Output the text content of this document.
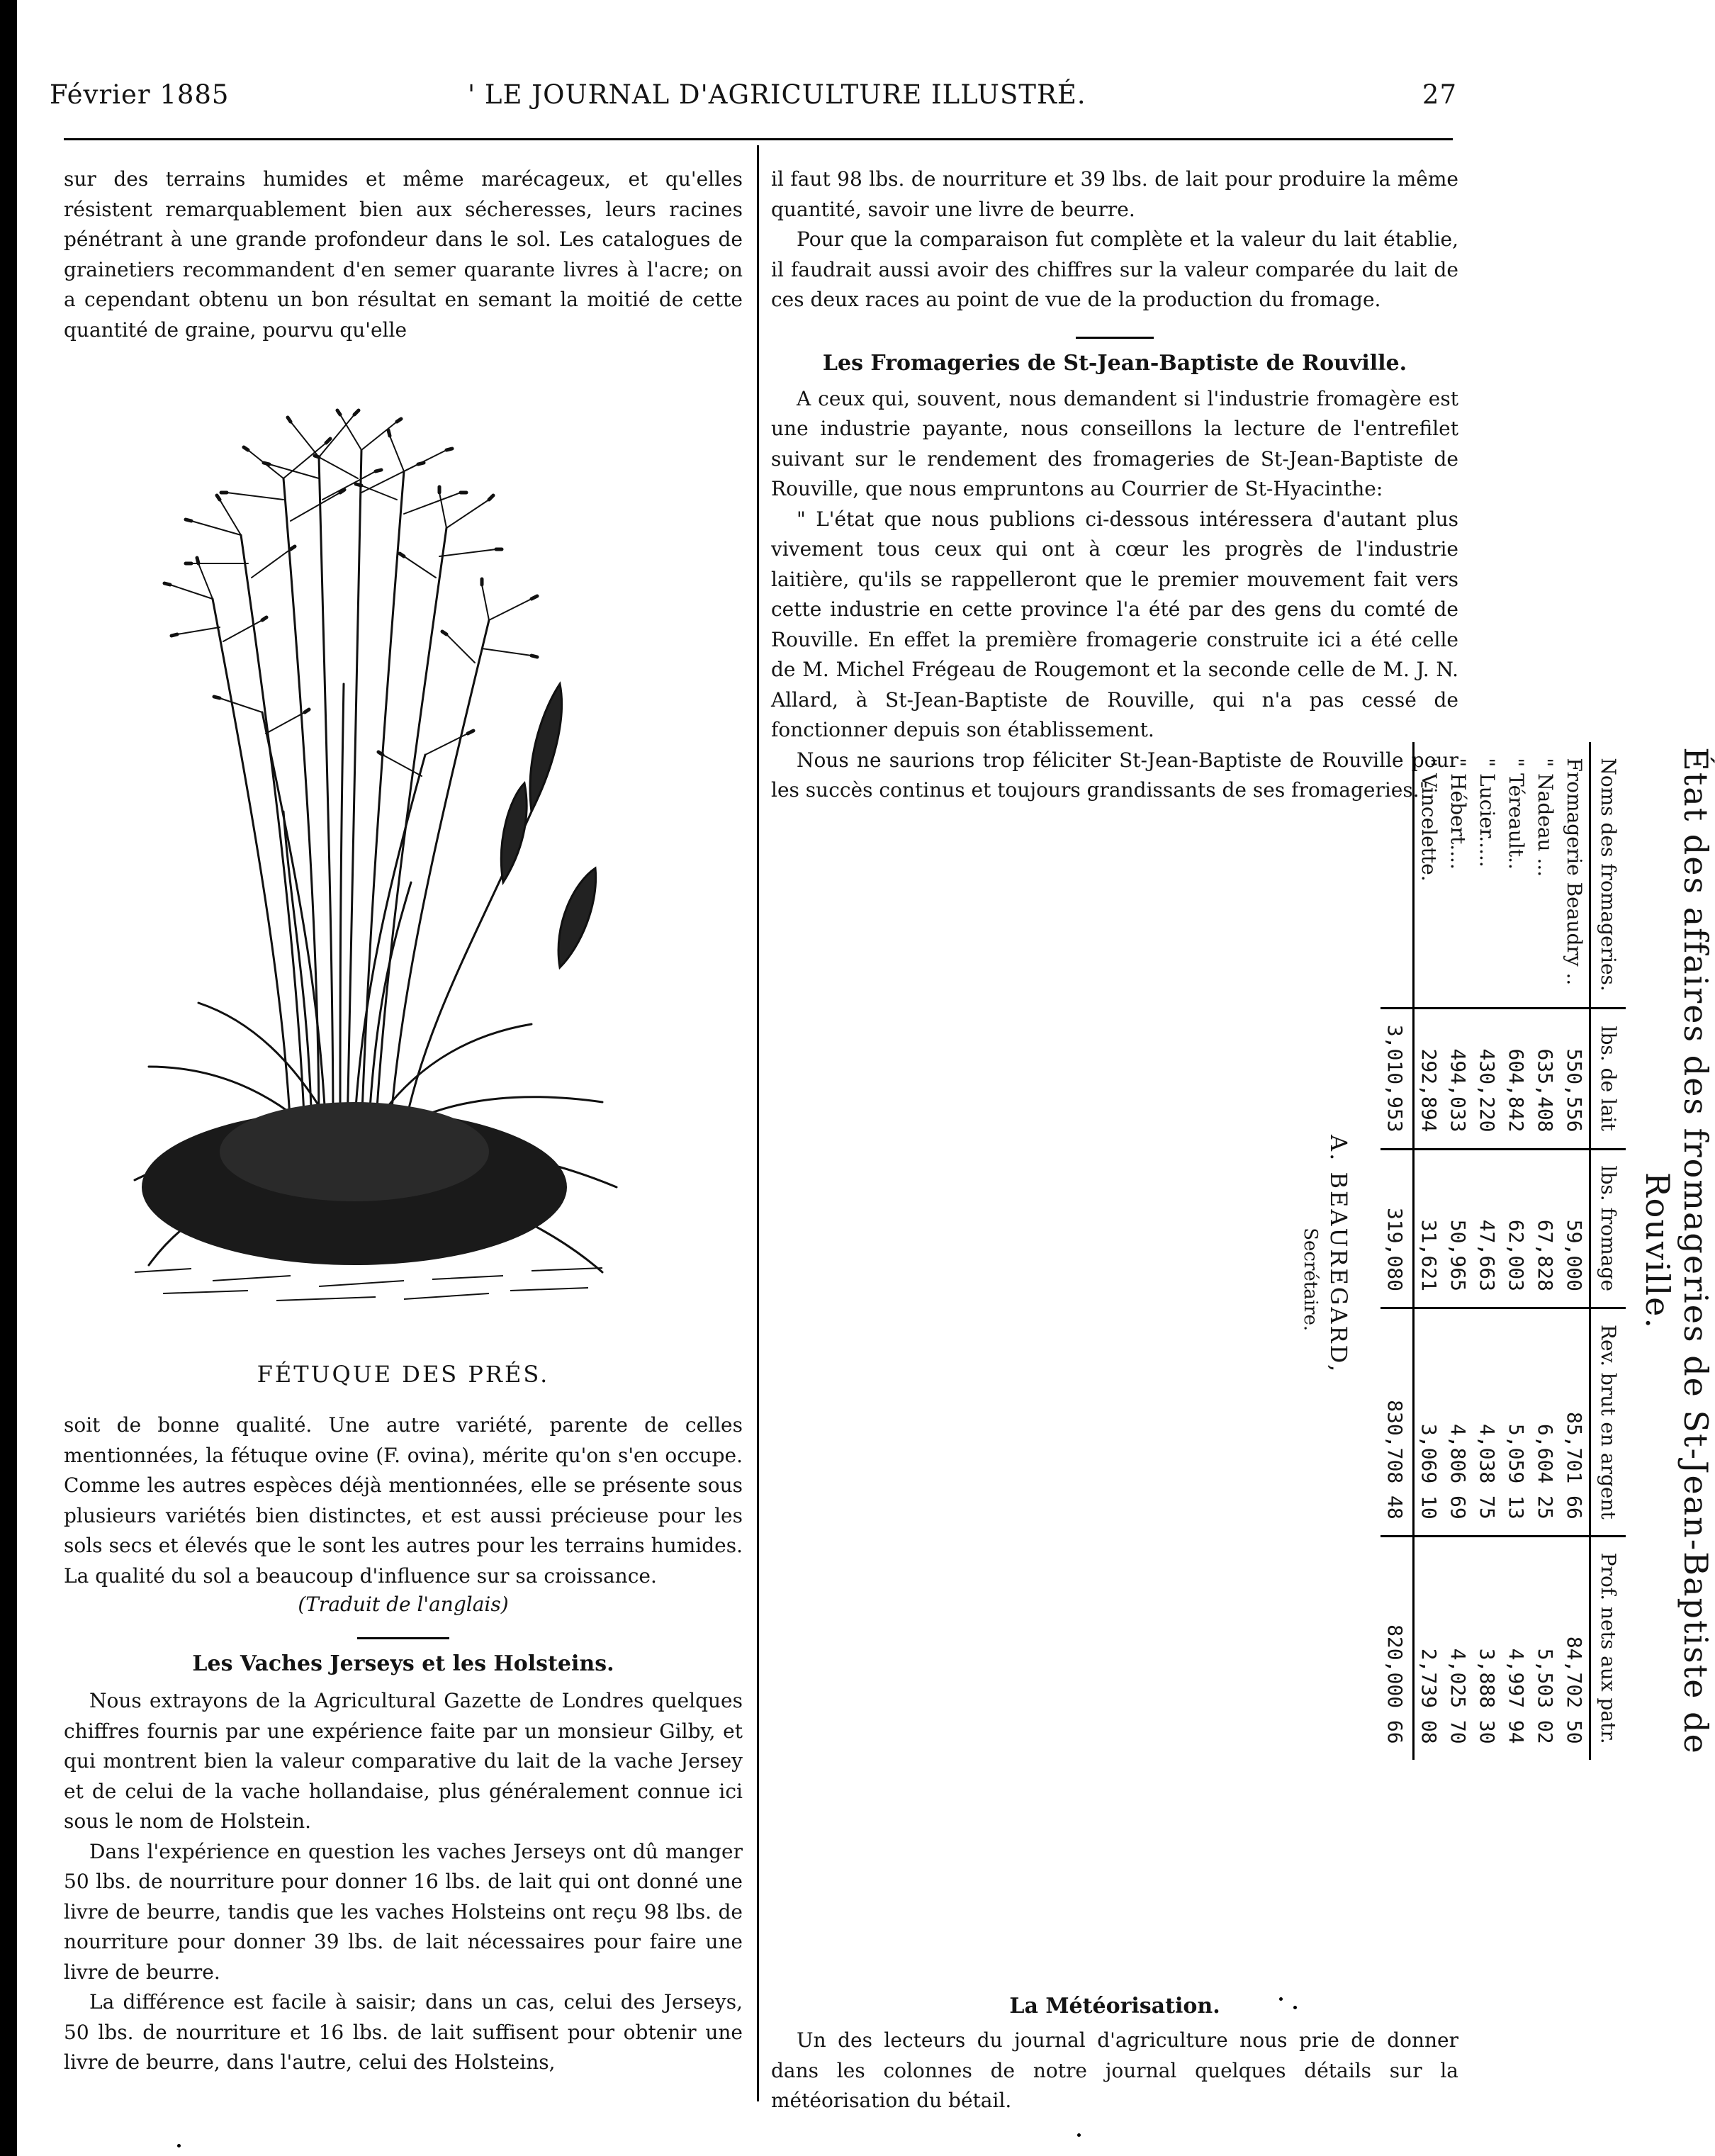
Février 1885	' LE JOURNAL D'AGRICULTURE ILLUSTRÉ.	27

sur des terrains humides et même marécageux, et qu'elles résistent remarquablement bien aux sécheresses, leurs racines pénétrant à une grande profondeur dans le sol. Les catalogues de grainetiers recommandent d'en semer quarante livres à l'acre; on a cependant obtenu un bon résultat en semant la moitié de cette quantité de graine, pourvu qu'elle

FÉTUQUE DES PRÉS.

soit de bonne qualité. Une autre variété, parente de celles mentionnées, la fétuque ovine (F. ovina), mérite qu'on s'en occupe. Comme les autres espèces déjà mentionnées, elle se présente sous plusieurs variétés bien distinctes, et est aussi précieuse pour les sols secs et élevés que le sont les autres pour les terrains humides. La qualité du sol a beaucoup d'influence sur sa croissance.

(Traduit de l'anglais)
Les Vaches Jerseys et les Holsteins.

Nous extrayons de la Agricultural Gazette de Londres quelques chiffres fournis par une expérience faite par un monsieur Gilby, et qui montrent bien la valeur comparative du lait de la vache Jersey et de celui de la vache hollandaise, plus généralement connue ici sous le nom de Holstein.

Dans l'expérience en question les vaches Jerseys ont dû manger 50 lbs. de nourriture pour donner 16 lbs. de lait qui ont donné une livre de beurre, tandis que les vaches Holsteins ont reçu 98 lbs. de nourriture pour donner 39 lbs. de lait nécessaires pour faire une livre de beurre.

La différence est facile à saisir; dans un cas, celui des Jerseys, 50 lbs. de nourriture et 16 lbs. de lait suffisent pour obtenir une livre de beurre, dans l'autre, celui des Holsteins,

il faut 98 lbs. de nourriture et 39 lbs. de lait pour produire la même quantité, savoir une livre de beurre.

Pour que la comparaison fut complète et la valeur du lait établie, il faudrait aussi avoir des chiffres sur la valeur comparée du lait de ces deux races au point de vue de la production du fromage.

Les Fromageries de St-Jean-Baptiste de Rouville.

A ceux qui, souvent, nous demandent si l'industrie fromagère est une industrie payante, nous conseillons la lecture de l'entrefilet suivant sur le rendement des fromageries de St-Jean-Baptiste de Rouville, que nous empruntons au Courrier de St-Hyacinthe:

" L'état que nous publions ci-dessous intéressera d'autant plus vivement tous ceux qui ont à cœur les progrès de l'industrie laitière, qu'ils se rappelleront que le premier mouvement fait vers cette industrie en cette province l'a été par des gens du comté de Rouville. En effet la première fromagerie construite ici a été celle de M. Michel Frégeau de Rougemont et la seconde celle de M. J. N. Allard, à St-Jean-Baptiste de Rouville, qui n'a pas cessé de fonctionner depuis son établissement.

Nous ne saurions trop féliciter St-Jean-Baptiste de Rouville pour les succès continus et toujours grandissants de ses fromageries."	État des affaires des fromageries de St-Jean-Baptiste de Rouville.

Noms des fromageries.	lbs. de lait	lbs. fromage	Rev. brut en argent	Prof. nets aux patr.
Fromagerie Beaudry ..	550,556	59,000	85,701 66	84,702 50
" Nadeau ...	635,408	67,828	6,604 25	5,503 02
" Téreault..	604,842	62,003	5,059 13	4,997 94
" Lucier.....	430,220	47,663	4,038 75	3,888 30
" Hébert....	494,033	50,965	4,806 69	4,025 70
" Vincelette.	292,894	31,621	3,069 10	2,739 08
	3,010,953	319,080	830,708 48	820,000 66
A. BEAUREGARD,
Secrétaire.
La Météorisation.

Un des lecteurs du journal d'agriculture nous prie de donner dans les colonnes de notre journal quelques détails sur la météorisation du bétail.
